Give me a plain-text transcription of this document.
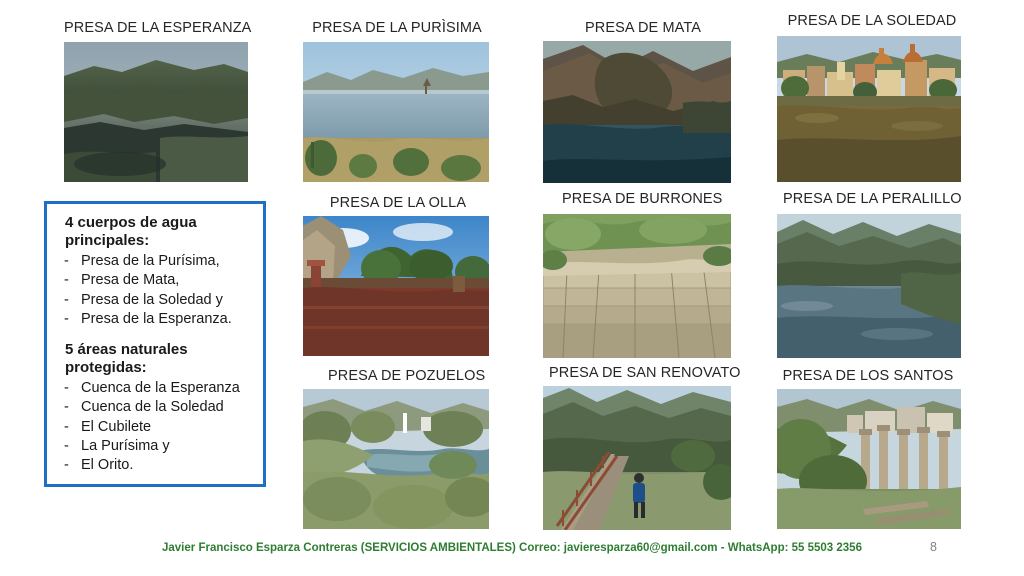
PRESA DE LA ESPERANZA	PRESA DE LA PURÌSIMA	PRESA DE MATA	PRESA DE LA SOLEDAD
PRESA DE LA OLLA	PRESA DE BURRONES	PRESA DE LA PERALILLO
PRESA DE POZUELOS	PRESA DE SAN RENOVATO	PRESA DE LOS SANTOS
4 cuerpos de agua principales:
- Presa de la Purísima,
- Presa de Mata,
- Presa de la Soledad y
- Presa de la Esperanza.
5 áreas naturales protegidas:
- Cuenca de la Esperanza
- Cuenca de la Soledad
- El Cubilete
- La Purísima y
- El Orito.
Javier Francisco Esparza Contreras (SERVICIOS AMBIENTALES) Correo: javieresparza60@gmail.com - WhatsApp: 55 5503 2356	8
